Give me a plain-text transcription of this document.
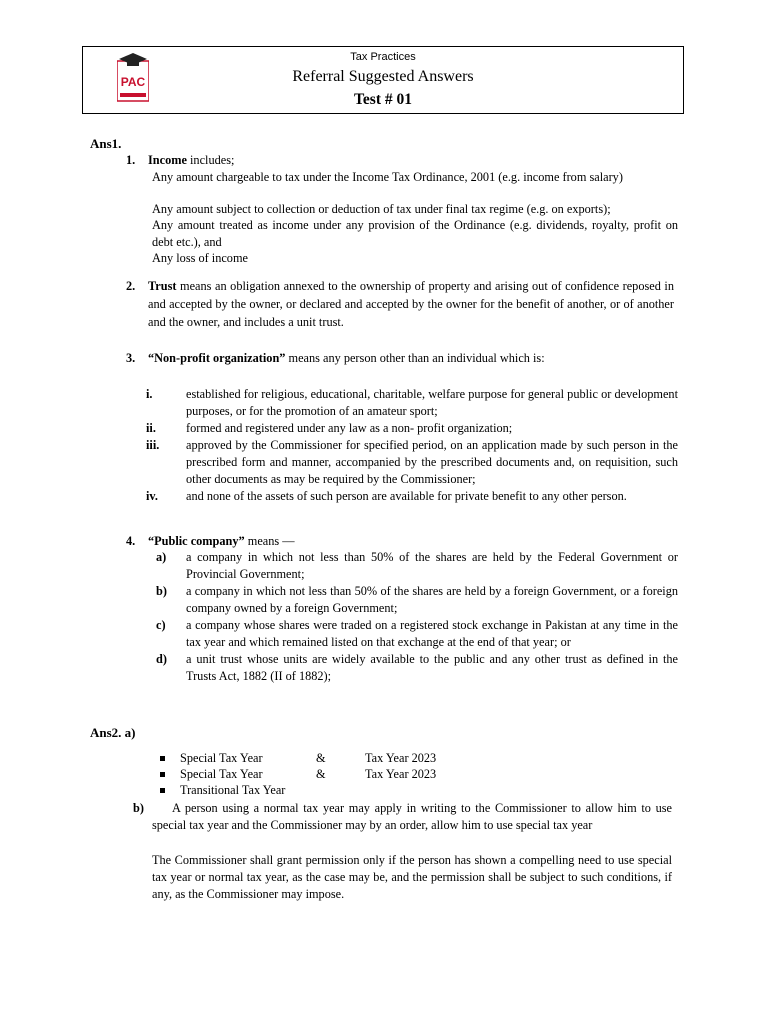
PAC
Tax Practices
Referral Suggested Answers
Test # 01
Ans1.
1. Income includes;
Any amount chargeable to tax under the Income Tax Ordinance, 2001 (e.g. income from salary)
Any amount subject to collection or deduction of tax under final tax regime (e.g. on exports);
Any amount treated as income under any provision of the Ordinance (e.g. dividends, royalty, profit on debt etc.), and
Any loss of income
2. Trust means an obligation annexed to the ownership of property and arising out of confidence reposed in and accepted by the owner, or declared and accepted by the owner for the benefit of another, or of another and the owner, and includes a unit trust.
3. “Non-profit organization” means any person other than an individual which is:
i.	established for religious, educational, charitable, welfare purpose for general public or development purposes, or for the promotion of an amateur sport;
ii.	formed and registered under any law as a non- profit organization;
iii.	approved by the Commissioner for specified period, on an application made by such person in the prescribed form and manner, accompanied by the prescribed documents and, on requisition, such other documents as may be required by the Commissioner;
iv.	and none of the assets of such person are available for private benefit to any other person.
4. “Public company” means —
a)	a company in which not less than 50% of the shares are held by the Federal Government or Provincial Government;
b)	a company in which not less than 50% of the shares are held by a foreign Government, or a foreign company owned by a foreign Government;
c)	a company whose shares were traded on a registered stock exchange in Pakistan at any time in the tax year and which remained listed on that exchange at the end of that year; or
d)	a unit trust whose units are widely available to the public and any other trust as defined in the Trusts Act, 1882 (II of 1882);
Ans2. a)
Special Tax Year	&	Tax Year 2023
Special Tax Year	&	Tax Year 2023
Transitional Tax Year
b)	A person using a normal tax year may apply in writing to the Commissioner to allow him to use special tax year and the Commissioner may by an order, allow him to use special tax year
The Commissioner shall grant permission only if the person has shown a compelling need to use special tax year or normal tax year, as the case may be, and the permission shall be subject to such conditions, if any, as the Commissioner may impose.
